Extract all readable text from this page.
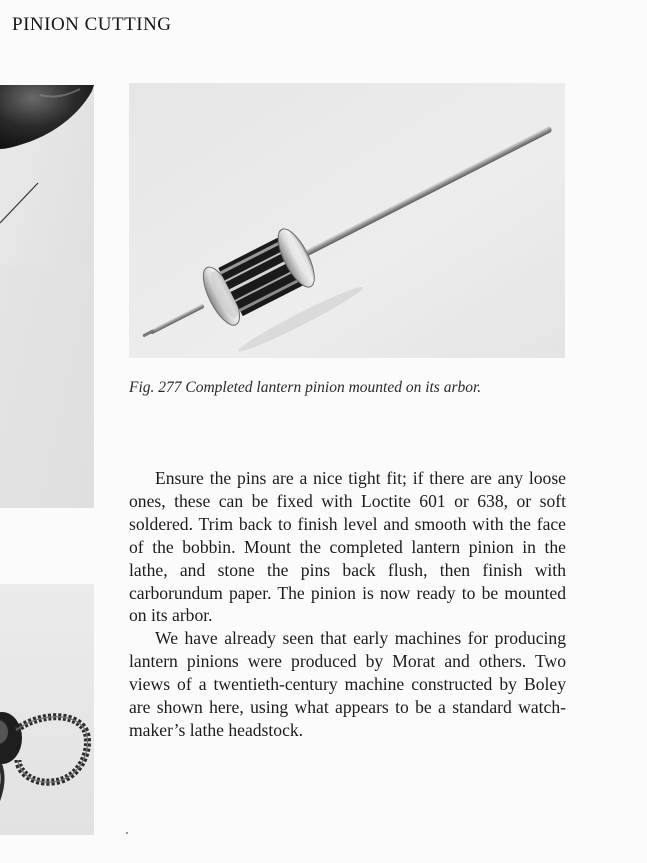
PINION CUTTING
Fig. 277 Completed lantern pinion mounted on its arbor.

Ensure the pins are a nice tight fit; if there are any loose ones, these can be fixed with Loctite 601 or 638, or soft soldered. Trim back to finish level and smooth with the face of the bobbin. Mount the completed lantern pinion in the lathe, and stone the pins back flush, then finish with carborundum paper. The pinion is now ready to be mounted on its arbor.

We have already seen that early machines for producing lantern pinions were produced by Morat and others. Two views of a twentieth-century machine constructed by Boley are shown here, using what appears to be a standard watchmaker’s lathe headstock.
